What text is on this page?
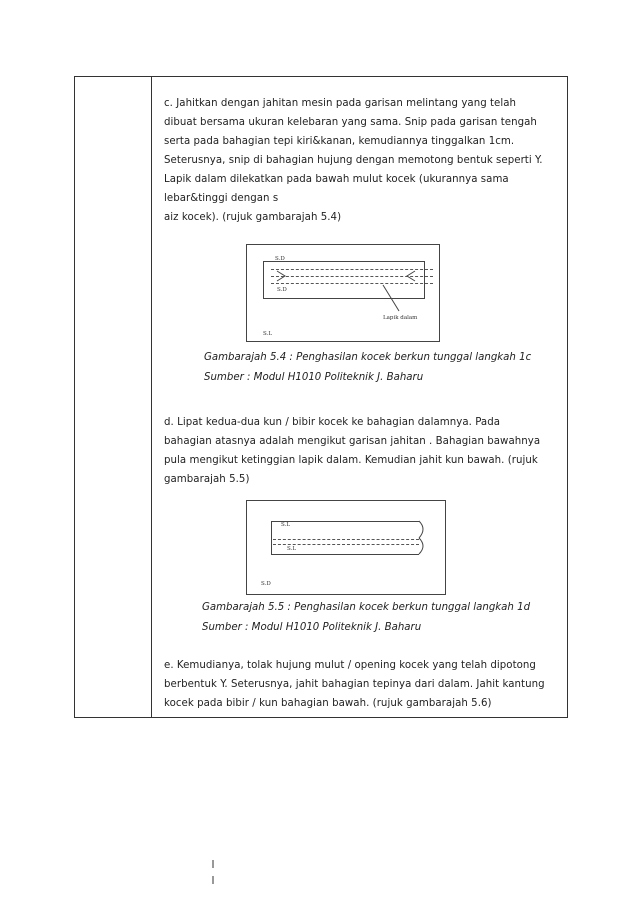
c. Jahitkan dengan jahitan mesin pada garisan melintang yang telah
dibuat bersama ukuran kelebaran yang sama. Snip pada garisan tengah
serta pada bahagian tepi kiri&kanan, kemudiannya tinggalkan 1cm.
Seterusnya, snip di bahagian hujung dengan memotong bentuk seperti Y.
Lapik dalam dilekatkan pada bawah mulut kocek (ukurannya sama
lebar&tinggi dengan s
aiz kocek). (rujuk gambarajah 5.4)
S.D
S.D
Lapik dalam
S.L
Gambarajah 5.4 : Penghasilan kocek berkun tunggal langkah 1c
Sumber : Modul H1010 Politeknik J. Baharu
d. Lipat kedua-dua kun / bibir kocek ke bahagian dalamnya. Pada
bahagian atasnya adalah mengikut garisan jahitan . Bahagian bawahnya
pula mengikut ketinggian lapik dalam. Kemudian jahit kun bawah. (rujuk
gambarajah 5.5)
S.L
S.L
S.D
Gambarajah 5.5 : Penghasilan kocek berkun tunggal langkah 1d
Sumber : Modul H1010 Politeknik J. Baharu
e. Kemudianya, tolak hujung mulut / opening kocek yang telah dipotong
berbentuk Y. Seterusnya, jahit bahagian tepinya dari dalam. Jahit kantung
kocek pada bibir / kun bahagian bawah. (rujuk gambarajah 5.6)
